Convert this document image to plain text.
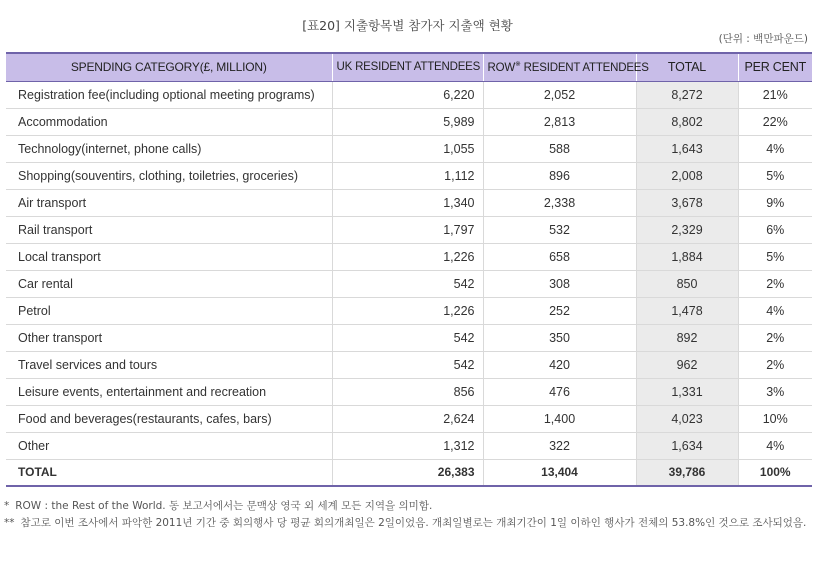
[표20] 지출항목별 참가자 지출액 현황
(단위 : 백만파운드)
SPENDING CATEGORY(£, MILLION)	UK RESIDENT ATTENDEES	ROW※ RESIDENT ATTENDEES	TOTAL	PER CENT
Registration fee(including optional meeting programs)	6,220	2,052	8,272	21%
Accommodation	5,989	2,813	8,802	22%
Technology(internet, phone calls)	1,055	588	1,643	4%
Shopping(souventirs, clothing, toiletries, groceries)	1,112	896	2,008	5%
Air transport	1,340	2,338	3,678	9%
Rail transport	1,797	532	2,329	6%
Local transport	1,226	658	1,884	5%
Car rental	542	308	850	2%
Petrol	1,226	252	1,478	4%
Other transport	542	350	892	2%
Travel services and tours	542	420	962	2%
Leisure events, entertainment and recreation	856	476	1,331	3%
Food and beverages(restaurants, cafes, bars)	2,624	1,400	4,023	10%
Other	1,312	322	1,634	4%
TOTAL	26,383	13,404	39,786	100%
* ROW : the Rest of the World. 동 보고서에서는 문맥상 영국 외 세계 모든 지역을 의미함.
** 참고로 이번 조사에서 파악한 2011년 기간 중 회의행사 당 평균 회의개최일은 2일이었음. 개최일별로는 개최기간이 1일 이하인 행사가 전체의 53.8%인 것으로 조사되었음.
